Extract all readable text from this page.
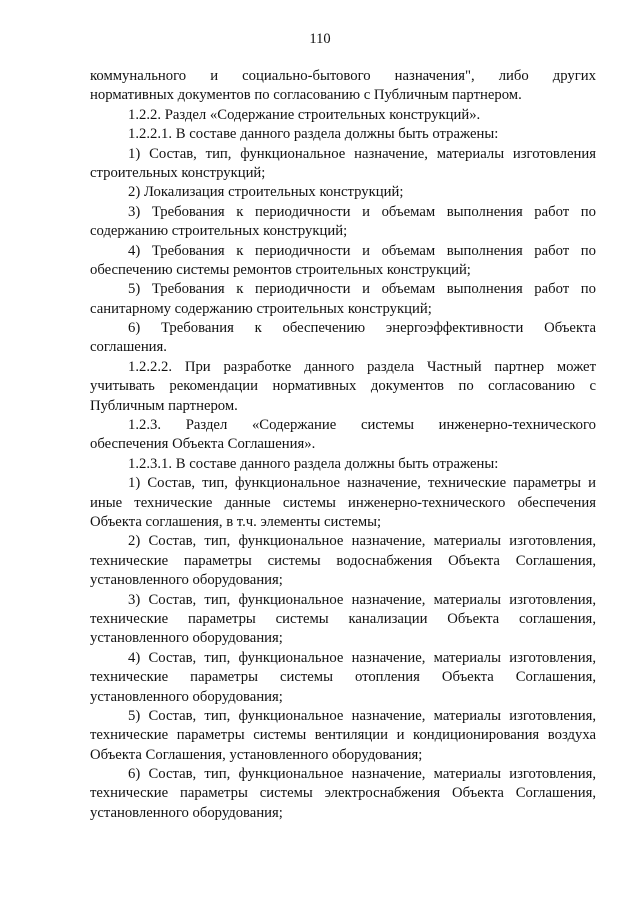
110
коммунального и социально-бытового назначения", либо других
нормативных документов по согласованию с Публичным партнером.
1.2.2. Раздел «Содержание строительных конструкций».
1.2.2.1. В составе данного раздела должны быть отражены:
1) Состав, тип, функциональное назначение, материалы изготовления
строительных конструкций;
2) Локализация строительных конструкций;
3) Требования к периодичности и объемам выполнения работ по
содержанию строительных конструкций;
4) Требования к периодичности и объемам выполнения работ по
обеспечению системы ремонтов строительных конструкций;
5) Требования к периодичности и объемам выполнения работ по
санитарному содержанию строительных конструкций;
6) Требования к обеспечению энергоэффективности Объекта
соглашения.
1.2.2.2. При разработке данного раздела Частный партнер может
учитывать рекомендации нормативных документов по согласованию с
Публичным партнером.
1.2.3. Раздел «Содержание системы инженерно-технического
обеспечения Объекта Соглашения».
1.2.3.1. В составе данного раздела должны быть отражены:
1) Состав, тип, функциональное назначение, технические параметры и
иные технические данные системы инженерно-технического обеспечения
Объекта соглашения, в т.ч. элементы системы;
2) Состав, тип, функциональное назначение, материалы изготовления,
технические параметры системы водоснабжения Объекта Соглашения,
установленного оборудования;
3) Состав, тип, функциональное назначение, материалы изготовления,
технические параметры системы канализации Объекта соглашения,
установленного оборудования;
4) Состав, тип, функциональное назначение, материалы изготовления,
технические параметры системы отопления Объекта Соглашения,
установленного оборудования;
5) Состав, тип, функциональное назначение, материалы изготовления,
технические параметры системы вентиляции и кондиционирования воздуха
Объекта Соглашения, установленного оборудования;
6) Состав, тип, функциональное назначение, материалы изготовления,
технические параметры системы электроснабжения Объекта Соглашения,
установленного оборудования;
